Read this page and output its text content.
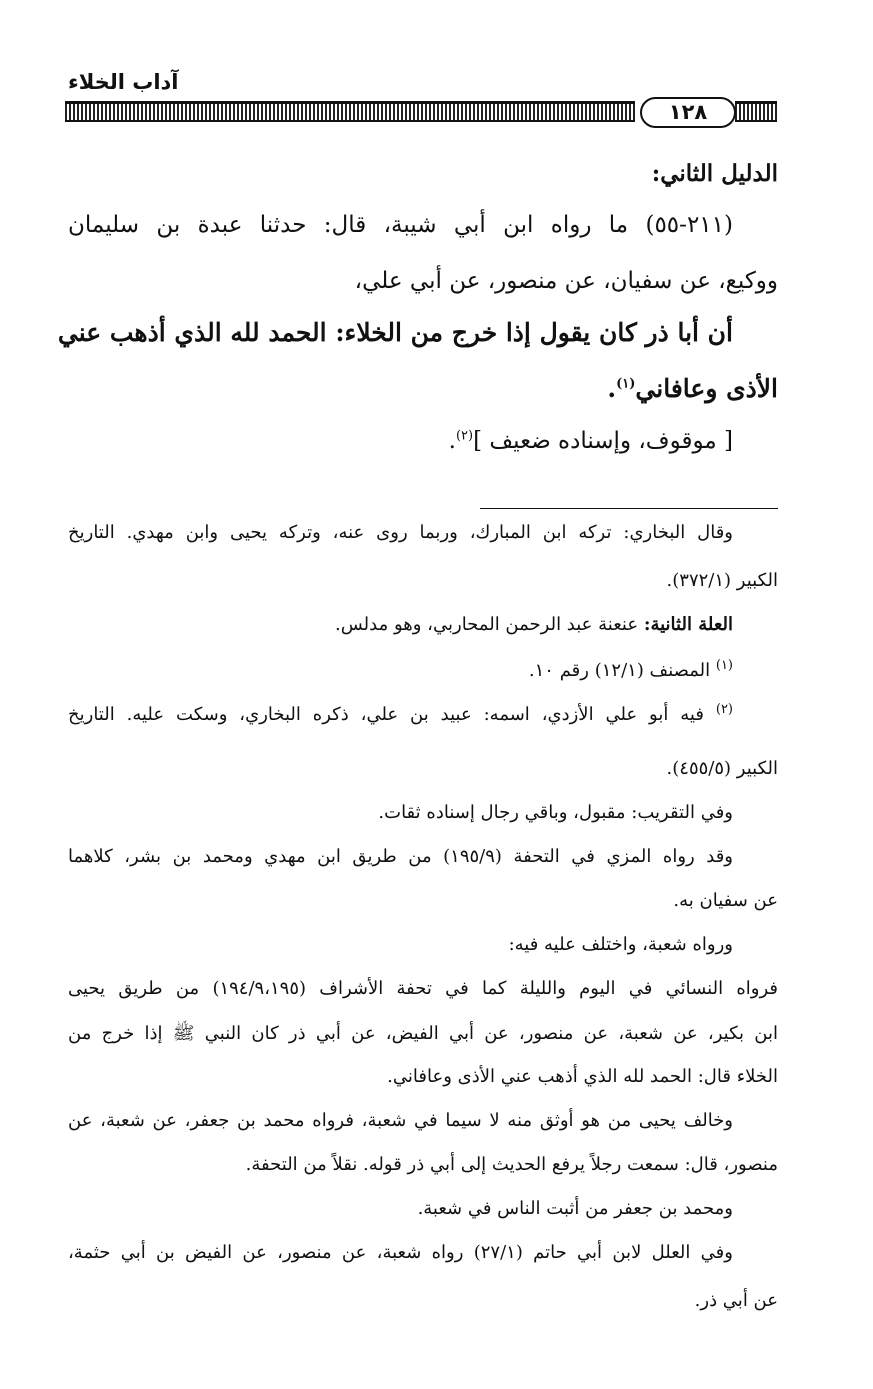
آداب الخلاء
١٢٨
الدليل الثاني:
(٢١١-٥٥) ما رواه ابن أبي شيبة، قال: حدثنا عبدة بن سليمان
ووكيع، عن سفيان، عن منصور، عن أبي علي،
أن أبا ذر كان يقول إذا خرج من الخلاء: الحمد لله الذي أذهب عني
الأذى وعافاني$^{(١)}$.
[ موقوف، وإسناده ضعيف ]$^{(٢)}$.
وقال البخاري: تركه ابن المبارك، وربما روى عنه، وتركه يحيى وابن مهدي. التاريخ
الكبير (٣٧٢/١).
العلة الثانية: عنعنة عبد الرحمن المحاربي، وهو مدلس.
$^{(١)}$ المصنف (١٢/١) رقم ١٠.
$^{(٢)}$ فيه أبو علي الأزدي، اسمه: عبيد بن علي، ذكره البخاري، وسكت عليه. التاريخ
الكبير (٤٥٥/٥).
وفي التقريب: مقبول، وباقي رجال إسناده ثقات.
وقد رواه المزي في التحفة (١٩٥/٩) من طريق ابن مهدي ومحمد بن بشر، كلاهما
عن سفيان به.
ورواه شعبة، واختلف عليه فيه:
فرواه النسائي في اليوم والليلة كما في تحفة الأشراف (١٩٤/٩،١٩٥) من طريق يحيى
ابن بكير، عن شعبة، عن منصور، عن أبي الفيض، عن أبي ذر كان النبي ﷺ إذا خرج من
الخلاء قال: الحمد لله الذي أذهب عني الأذى وعافاني.
وخالف يحيى من هو أوثق منه لا سيما في شعبة، فرواه محمد بن جعفر، عن شعبة، عن
منصور، قال: سمعت رجلاً يرفع الحديث إلى أبي ذر قوله. نقلاً من التحفة.
ومحمد بن جعفر من أثبت الناس في شعبة.
وفي العلل لابن أبي حاتم (٢٧/١) رواه شعبة، عن منصور، عن الفيض بن أبي حثمة،
عن أبي ذر.
